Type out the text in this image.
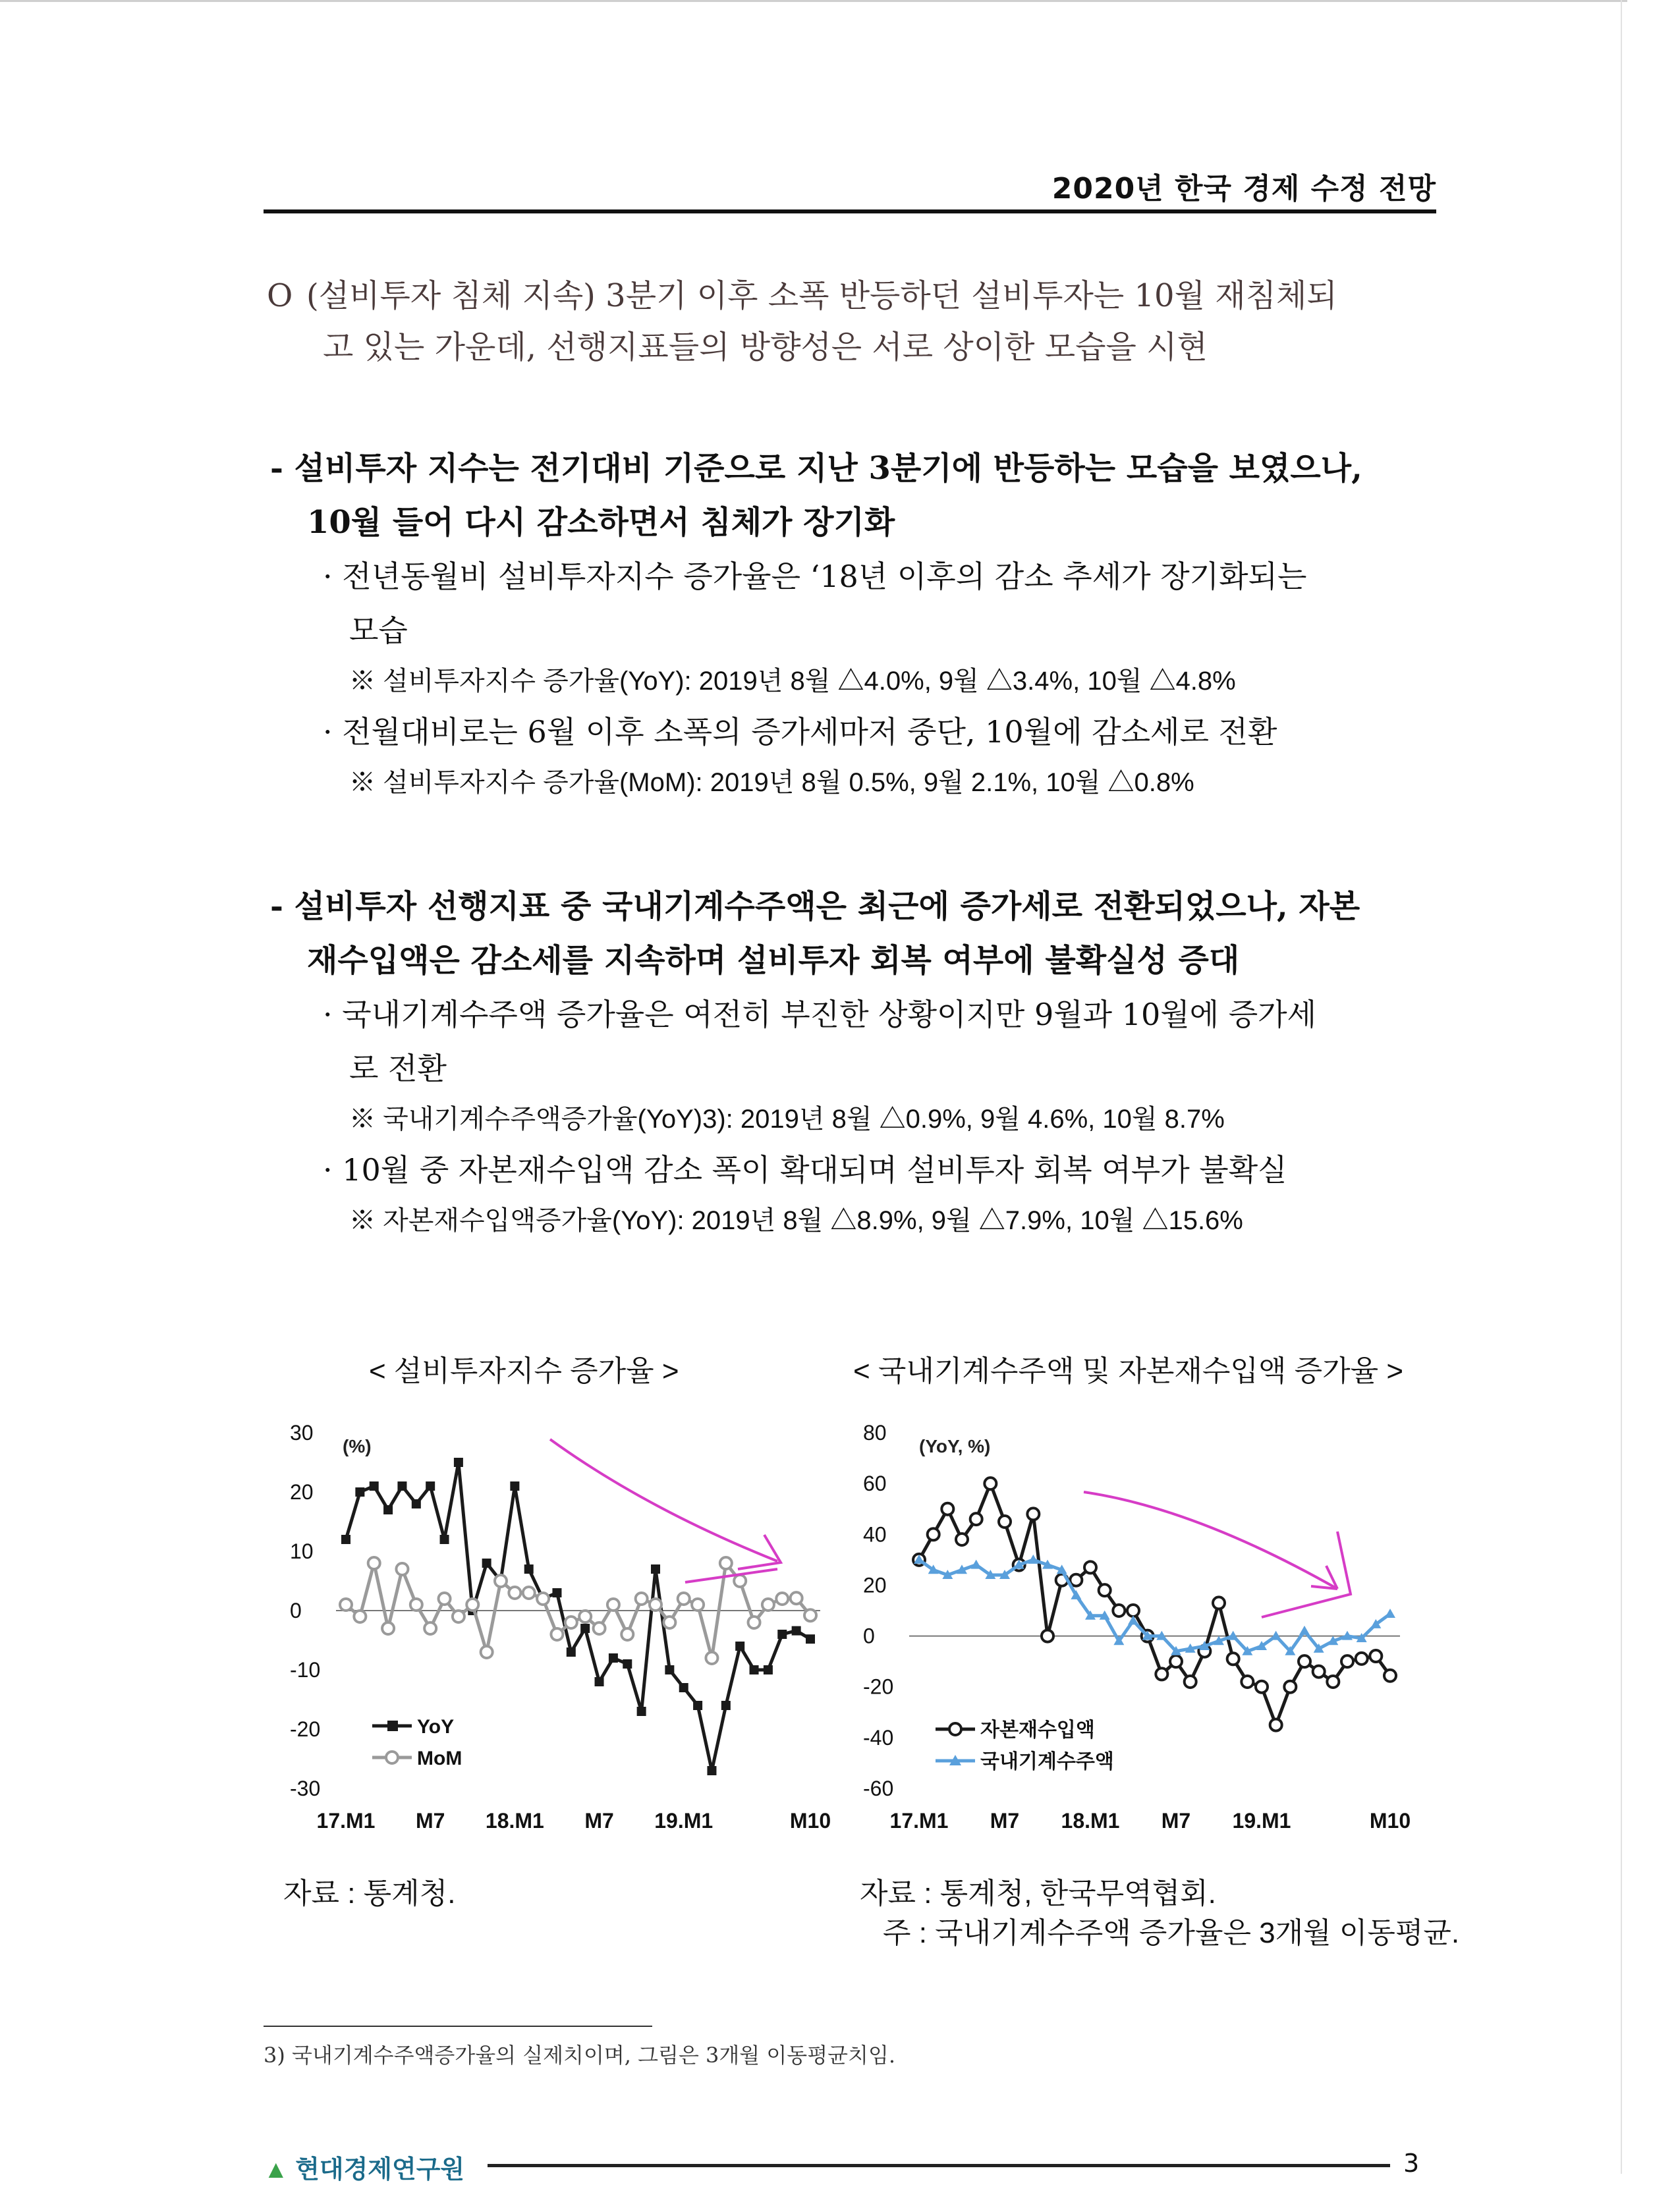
2020년 한국 경제 수정 전망
O (설비투자 침체 지속) 3분기 이후 소폭 반등하던 설비투자는 10월 재침체되
고 있는 가운데, 선행지표들의 방향성은 서로 상이한 모습을 시현
- 설비투자 지수는 전기대비 기준으로 지난 3분기에 반등하는 모습을 보였으나,
10월 들어 다시 감소하면서 침체가 장기화
· 전년동월비 설비투자지수 증가율은 ‘18년 이후의 감소 추세가 장기화되는
모습
※ 설비투자지수 증가율(YoY): 2019년 8월 △4.0%, 9월 △3.4%, 10월 △4.8%
· 전월대비로는 6월 이후 소폭의 증가세마저 중단, 10월에 감소세로 전환
※ 설비투자지수 증가율(MoM): 2019년 8월 0.5%, 9월 2.1%, 10월 △0.8%
- 설비투자 선행지표 중 국내기계수주액은 최근에 증가세로 전환되었으나, 자본
재수입액은 감소세를 지속하며 설비투자 회복 여부에 불확실성 증대
· 국내기계수주액 증가율은 여전히 부진한 상황이지만 9월과 10월에 증가세
로 전환
※ 국내기계수주액증가율(YoY)3): 2019년 8월 △0.9%, 9월 4.6%, 10월 8.7%
· 10월 중 자본재수입액 감소 폭이 확대되며 설비투자 회복 여부가 불확실
※ 자본재수입액증가율(YoY): 2019년 8월 △8.9%, 9월 △7.9%, 10월 △15.6%
< 설비투자지수 증가율 >	< 국내기계수주액 및 자본재수입액 증가율 >
30
20
10
0
-10
-20
-30
(%)
17.M1 M7 18.M1 M7 19.M1	M10
YoY
MoM
80
60
40
20
0
-20
-40
-60
(YoY, %)
17.M1 M7 18.M1 M7 19.M1	M10
자본재수입액
국내기계수주액
자료 : 통계청.	자료 : 통계청, 한국무역협회.
주 : 국내기계수주액 증가율은 3개월 이동평균.
3) 국내기계수주액증가율의 실제치이며, 그림은 3개월 이동평균치임.
▲ 현대경제연구원	3
